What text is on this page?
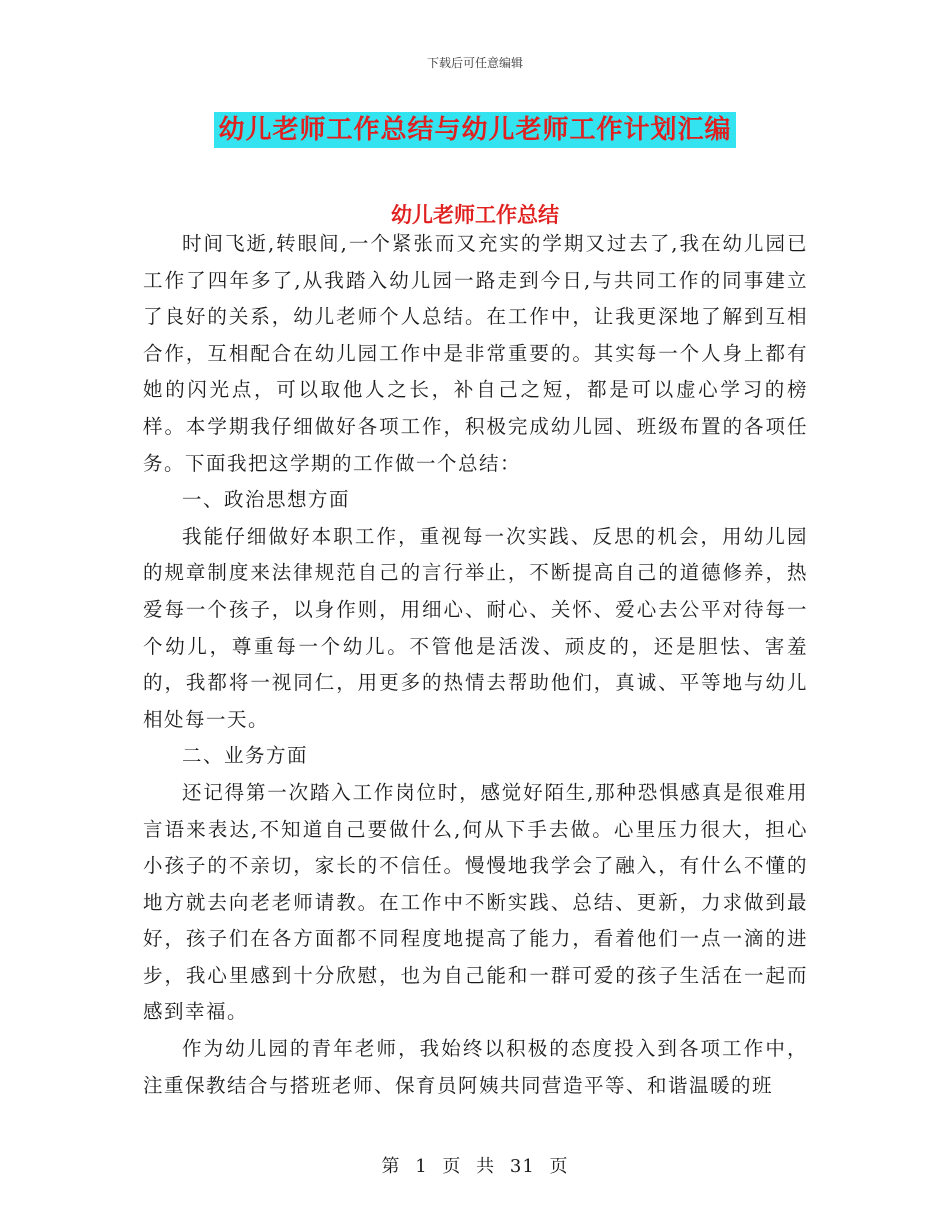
下载后可任意编辑
幼儿老师工作总结与幼儿老师工作计划汇编
幼儿老师工作总结

时间飞逝,转眼间,一个紧张而又充实的学期又过去了,我在幼儿园已工作了四年多了,从我踏入幼儿园一路走到今日,与共同工作的同事建立了良好的关系，幼儿老师个人总结。在工作中，让我更深地了解到互相合作，互相配合在幼儿园工作中是非常重要的。其实每一个人身上都有她的闪光点，可以取他人之长，补自己之短，都是可以虚心学习的榜样。本学期我仔细做好各项工作，积极完成幼儿园、班级布置的各项任务。下面我把这学期的工作做一个总结：

一、政治思想方面

我能仔细做好本职工作，重视每一次实践、反思的机会，用幼儿园的规章制度来法律规范自己的言行举止，不断提高自己的道德修养，热爱每一个孩子，以身作则，用细心、耐心、关怀、爱心去公平对待每一个幼儿，尊重每一个幼儿。不管他是活泼、顽皮的，还是胆怯、害羞的，我都将一视同仁，用更多的热情去帮助他们，真诚、平等地与幼儿相处每一天。

二、业务方面

还记得第一次踏入工作岗位时，感觉好陌生,那种恐惧感真是很难用言语来表达,不知道自己要做什么,何从下手去做。心里压力很大，担心小孩子的不亲切，家长的不信任。慢慢地我学会了融入，有什么不懂的地方就去向老老师请教。在工作中不断实践、总结、更新，力求做到最好，孩子们在各方面都不同程度地提高了能力，看着他们一点一滴的进步，我心里感到十分欣慰，也为自己能和一群可爱的孩子生活在一起而感到幸福。

作为幼儿园的青年老师，我始终以积极的态度投入到各项工作中，注重保教结合与搭班老师、保育员阿姨共同营造平等、和谐温暖的班

第 1 页 共 31 页
